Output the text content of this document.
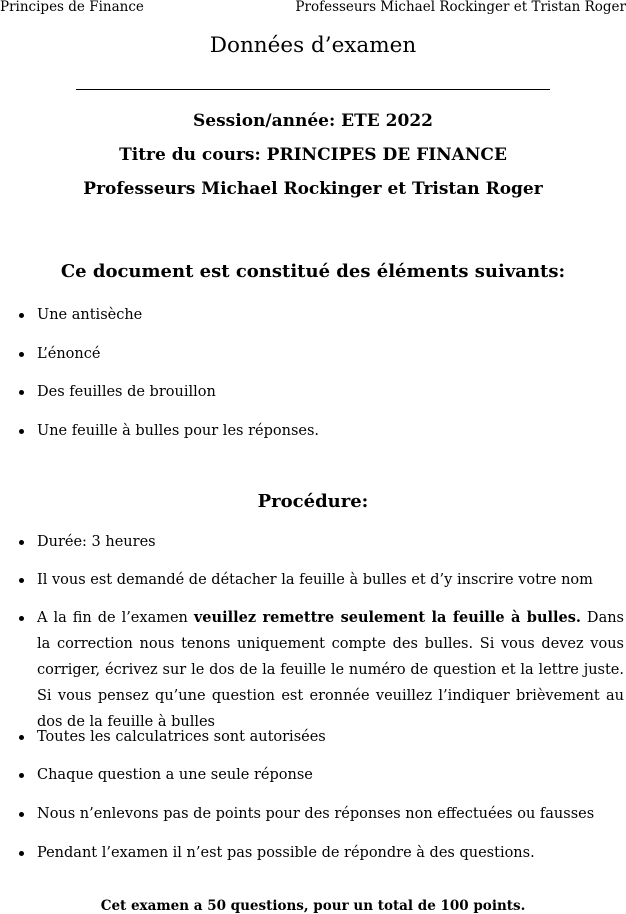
Principes de Finance	Professeurs Michael Rockinger et Tristan Roger
Données d’examen
Session/année: ETE 2022
Titre du cours: PRINCIPES DE FINANCE
Professeurs Michael Rockinger et Tristan Roger
Ce document est constitué des éléments suivants:
Une antisèche
L’énoncé
Des feuilles de brouillon
Une feuille à bulles pour les réponses.
Procédure:
Durée: 3 heures
Il vous est demandé de détacher la feuille à bulles et d’y inscrire votre nom
A la fin de l’examen veuillez remettre seulement la feuille à bulles. Dans la correction nous tenons uniquement compte des bulles. Si vous devez vous corriger, écrivez sur le dos de la feuille le numéro de question et la lettre juste. Si vous pensez qu’une question est eronnée veuillez l’indiquer brièvement au dos de la feuille à bulles
Toutes les calculatrices sont autorisées
Chaque question a une seule réponse
Nous n’enlevons pas de points pour des réponses non effectuées ou fausses
Pendant l’examen il n’est pas possible de répondre à des questions.
Cet examen a 50 questions, pour un total de 100 points.
